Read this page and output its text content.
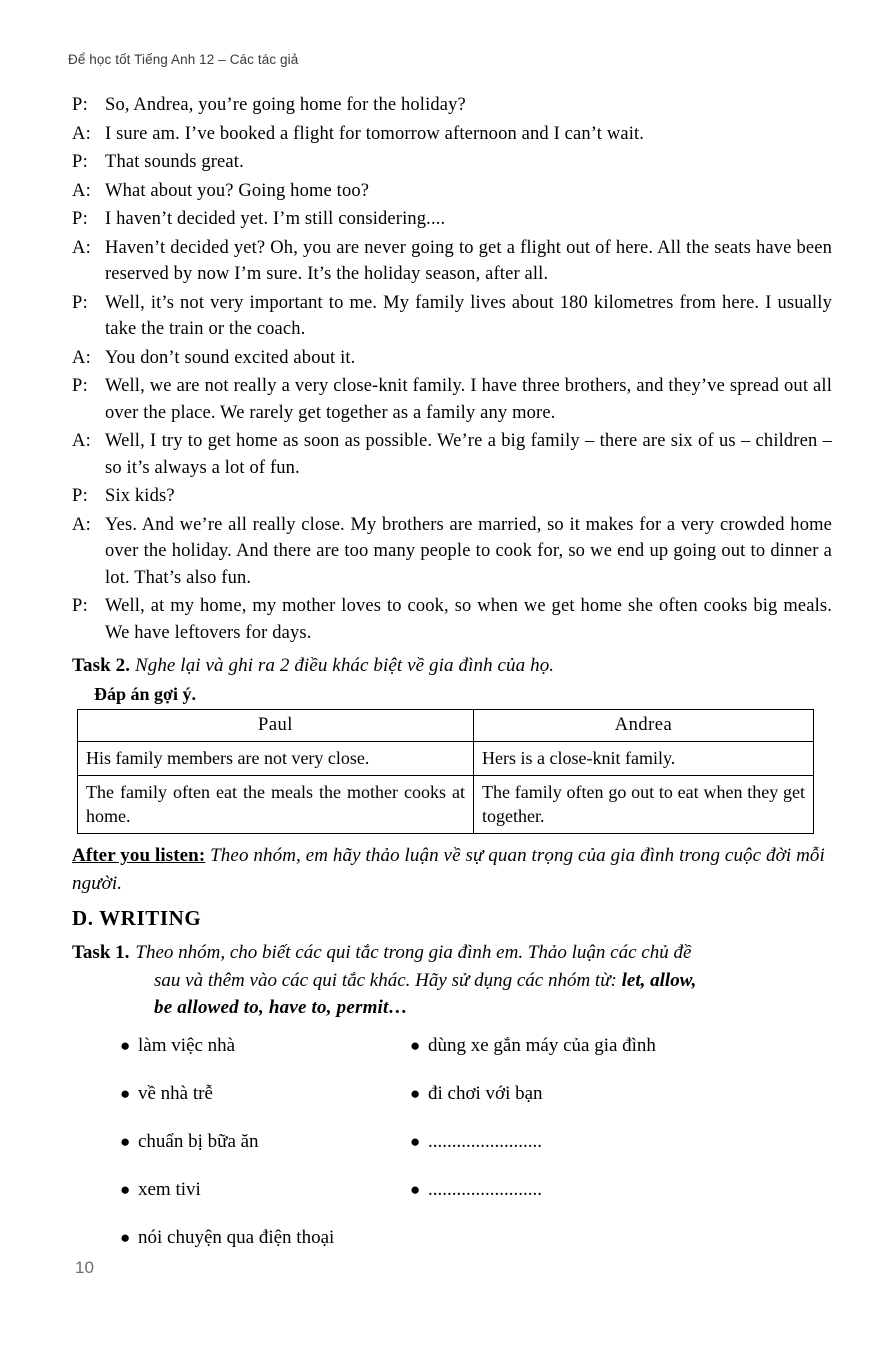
Để học tốt Tiếng Anh 12 – Các tác giả
P: So, Andrea, you’re going home for the holiday?
A: I sure am. I’ve booked a flight for tomorrow afternoon and I can’t wait.
P: That sounds great.
A: What about you? Going home too?
P: I haven’t decided yet. I’m still considering....
A: Haven’t decided yet? Oh, you are never going to get a flight out of here. All the seats have been reserved by now I’m sure. It’s the holiday season, after all.
P: Well, it’s not very important to me. My family lives about 180 kilometres from here. I usually take the train or the coach.
A: You don’t sound excited about it.
P: Well, we are not really a very close-knit family. I have three brothers, and they’ve spread out all over the place. We rarely get together as a family any more.
A: Well, I try to get home as soon as possible. We’re a big family – there are six of us – children – so it’s always a lot of fun.
P: Six kids?
A: Yes. And we’re all really close. My brothers are married, so it makes for a very crowded home over the holiday. And there are too many people to cook for, so we end up going out to dinner a lot. That’s also fun.
P: Well, at my home, my mother loves to cook, so when we get home she often cooks big meals. We have leftovers for days.
Task 2. Nghe lại và ghi ra 2 điều khác biệt về gia đình của họ.
Đáp án gợi ý.
Paul	Andrea
His family members are not very close.	Hers is a close-knit family.
The family often eat the meals the mother cooks at home.	The family often go out to eat when they get together.
After you listen: Theo nhóm, em hãy thảo luận về sự quan trọng của gia đình trong cuộc đời mỗi người.
D. WRITING
Task 1. Theo nhóm, cho biết các qui tắc trong gia đình em. Thảo luận các chủ đề
sau và thêm vào các qui tắc khác. Hãy sử dụng các nhóm từ: let, allow,
be allowed to, have to, permit…
● làm việc nhà
● về nhà trễ
● chuẩn bị bữa ăn
● xem tivi
● nói chuyện qua điện thoại
● dùng xe gắn máy của gia đình
● đi chơi với bạn
● ........................
● ........................
10
